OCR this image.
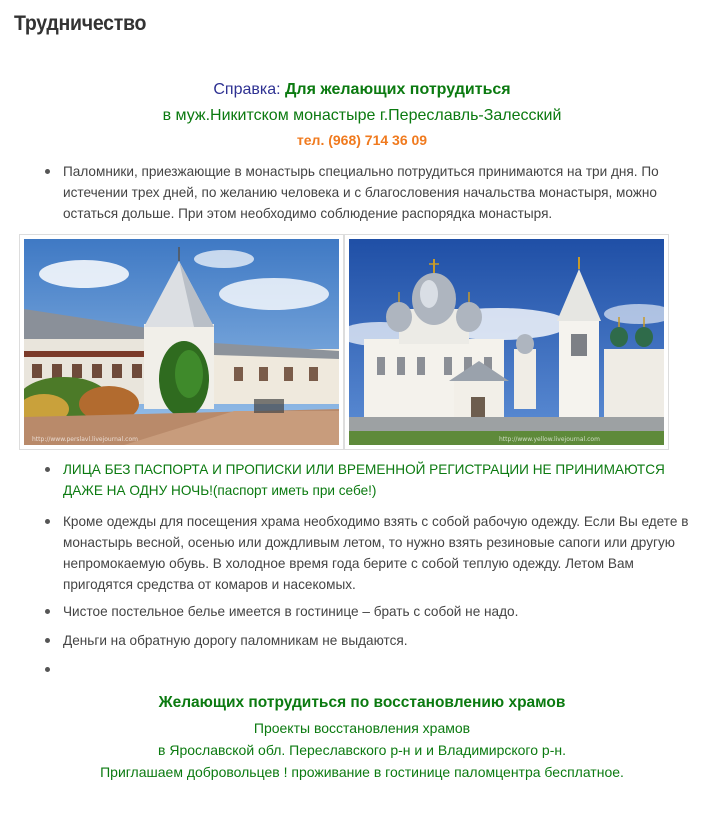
Трудничество
Справка: Для желающих потрудиться
в муж.Никитском монастыре г.Переславль-Залесский
тел. (968) 714 36 09
Паломники, приезжающие в монастырь специально потрудиться принимаются на три дня. По истечении трех дней, по желанию человека и с благословения начальства монастыря, можно остаться дольше. При этом необходимо соблюдение распорядка монастыря.
ЛИЦА БЕЗ ПАСПОРТА И ПРОПИСКИ ИЛИ ВРЕМЕННОЙ РЕГИСТРАЦИИ НЕ ПРИНИМАЮТСЯ ДАЖЕ НА ОДНУ НОЧЬ!(паспорт иметь при себе!)
Кроме одежды для посещения храма необходимо взять с собой рабочую одежду. Если Вы едете в монастырь весной, осенью или дождливым летом, то нужно взять резиновые сапоги или другую непромокаемую обувь. В холодное время года берите с собой теплую одежду. Летом Вам пригодятся средства от комаров и насекомых.
Чистое постельное белье имеется в гостинице – брать с собой не надо.
Деньги на обратную дорогу паломникам не выдаются.
http://www.perslavl.livejournal.com	http://www.yellow.livejournal.com
Желающих потрудиться по восстановлению храмов
Проекты восстановления храмов
в Ярославской обл. Переславского р-н и и Владимирского р-н.
Приглашаем добровольцев ! проживание в гостинице паломцентра бесплатное.
